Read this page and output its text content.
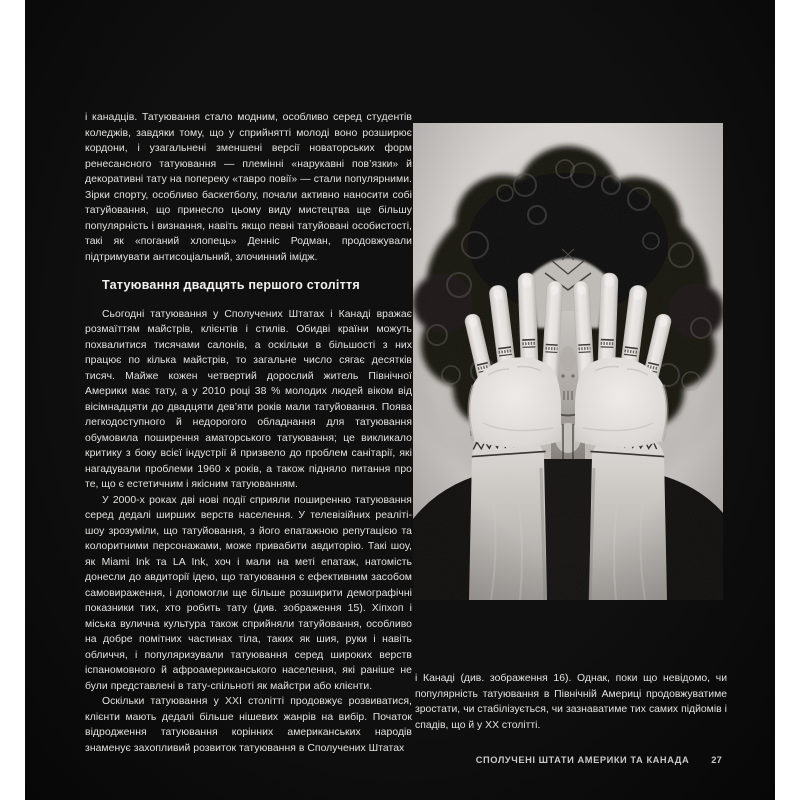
і канадців. Татуювання стало модним, особливо серед студентів коледжів, завдяки тому, що у сприйнятті молоді воно розширює кордони, і узагальнені зменшені версії новаторських форм ренесансного татуювання — племінні «нарукавні пов’язки» й декоративні тату на попереку «тавро повії» — стали популярними. Зірки спорту, особливо баскетболу, почали активно наносити собі татуйовання, що принесло цьому виду мистецтва ще більшу популярність і визнання, навіть якщо певні татуйовані особистості, такі як «поганий хлопець» Денніс Родман, продовжували підтримувати антисоціальний, злочинний імідж.

Татуювання двадцять першого століття

Сьогодні татуювання у Сполучених Штатах і Канаді вражає розмаїттям майстрів, клієнтів і стилів. Обидві країни можуть похвалитися тисячами салонів, а оскільки в більшості з них працює по кілька майстрів, то загальне число сягає десятків тисяч. Майже кожен четвертий дорослий житель Північної Америки має тату, а у 2010 році 38 % молодих людей віком від вісімнадцяти до двадцяти дев’яти років мали татуйовання. Поява легкодоступного й недорогого обладнання для татуювання обумовила поширення аматорського татуювання; це викликало критику з боку всієї індустрії й призвело до проблем санітарії, які нагадували проблеми 1960 х років, а також підняло питання про те, що є естетичним і якісним татуюванням.

У 2000-х роках дві нові події сприяли поширенню татуювання серед дедалі ширших верств населення. У телевізійних реаліті-шоу зрозуміли, що татуйовання, з його епатажною репутацією та колоритними персонажами, може привабити авдиторію. Такі шоу, як Miami Ink та LA Ink, хоч і мали на меті епатаж, натомість донесли до авдиторії ідею, що татуювання є ефективним засобом самовираження, і допомогли ще більше розширити демографічні показники тих, хто робить тату (див. зображення 15). Хіпхоп і міська вулична культура також сприйняли татуйовання, особливо на добре помітних частинах тіла, таких як шия, руки і навіть обличчя, і популяризували татуювання серед широких верств іспаномовного й афроамериканського населення, які раніше не були представлені в тату-спільноті як майстри або клієнти.

Оскільки татуювання у XXІ столітті продовжує розвиватися, клієнти мають дедалі більше нішевих жанрів на вибір. Початок відродження татуювання корінних американських народів знаменує захопливий розвиток татуювання в Сполучених Штатах

і Канаді (див. зображення 16). Однак, поки що невідомо, чи популярність татуювання в Північній Америці продовжуватиме зростати, чи стабілізується, чи зазнаватиме тих самих підйомів і спадів, що й у XX столітті.

СПОЛУЧЕНІ ШТАТИ АМЕРИКИ ТА КАНАДА 27
